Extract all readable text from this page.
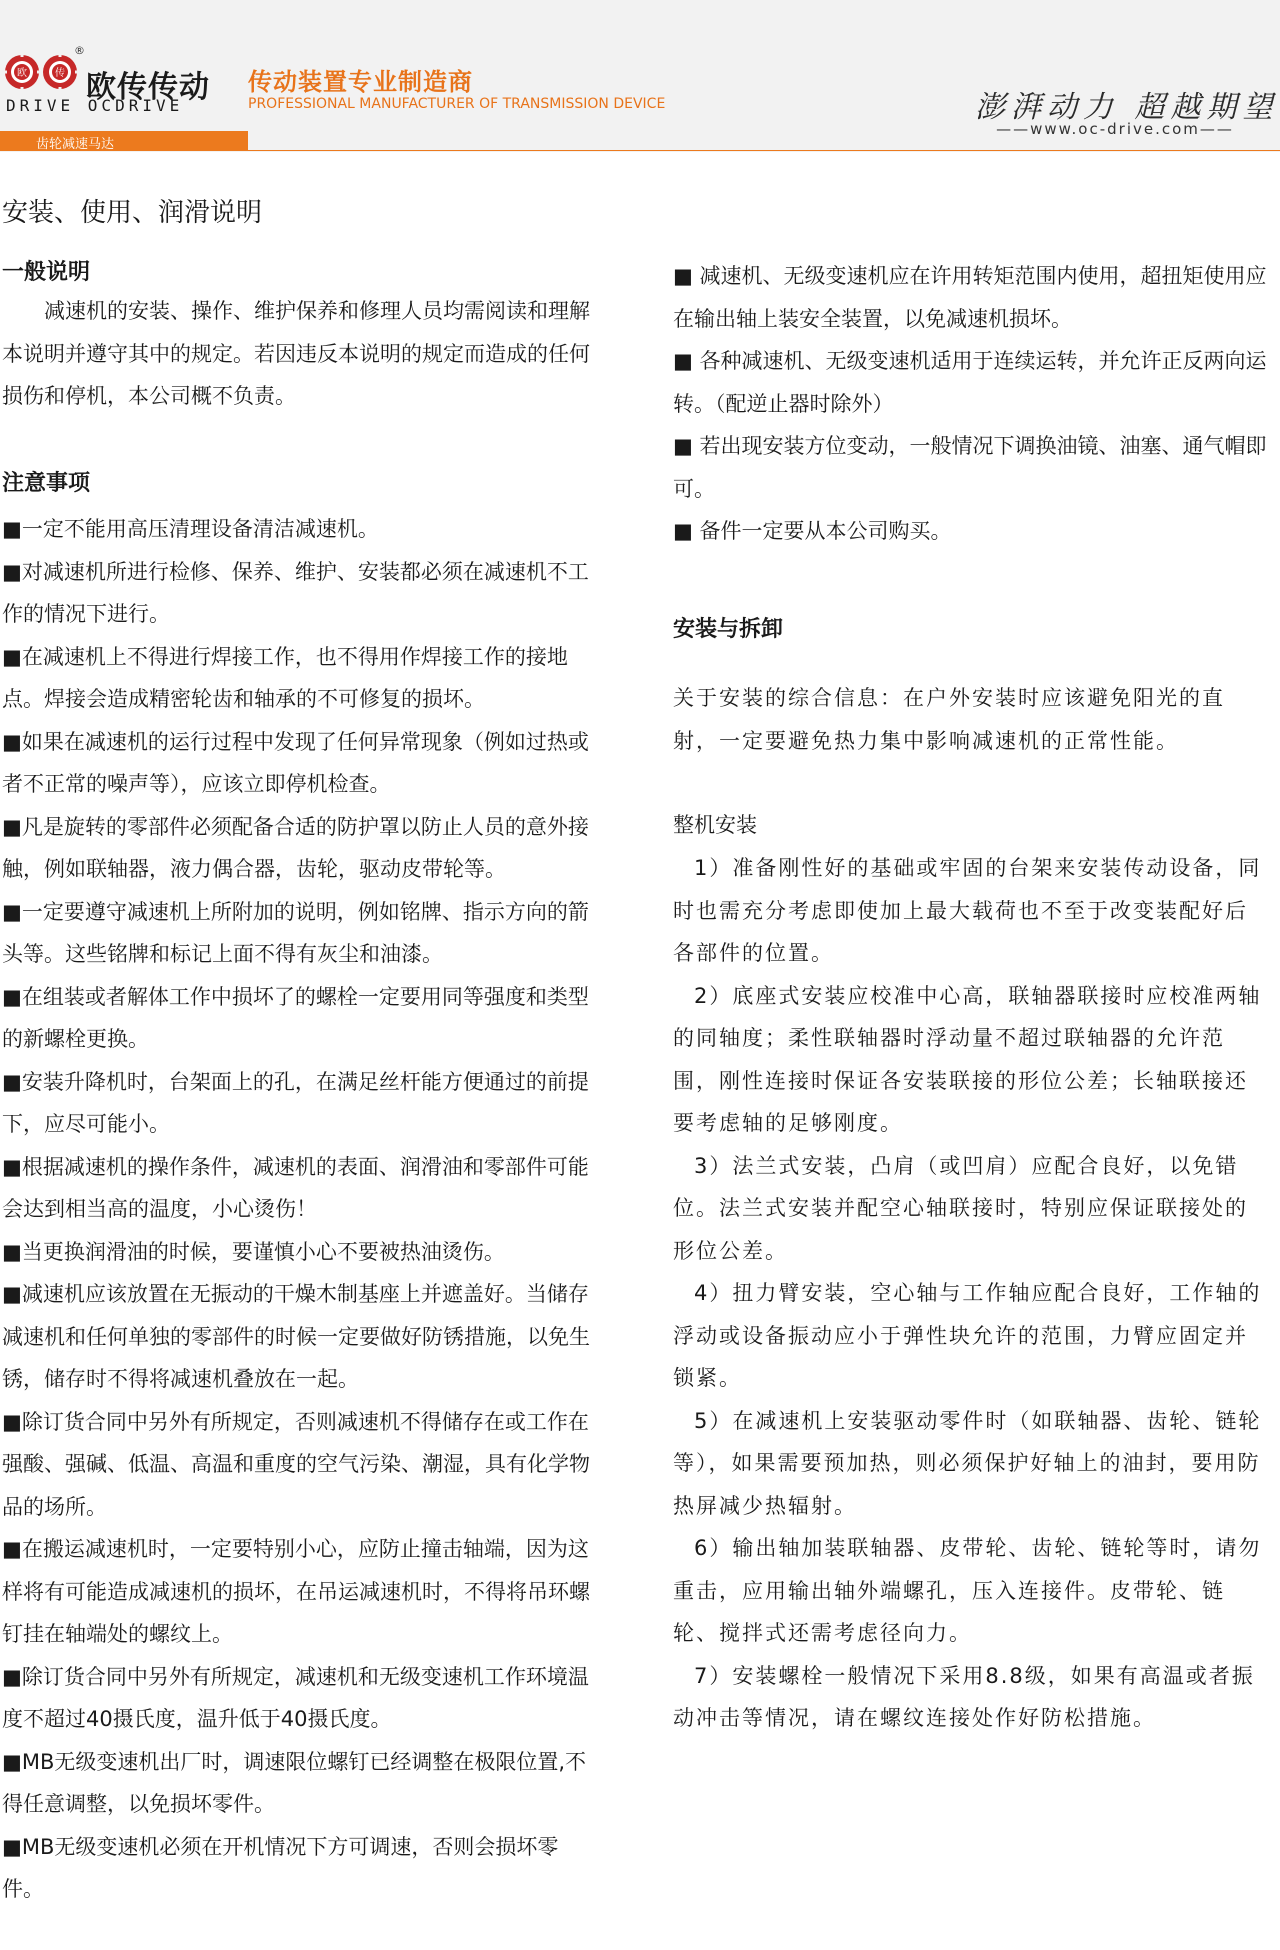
欧	传
®
欧传传动
DRIVE OCDRIVE
传动装置专业制造商
PROFESSIONAL MANUFACTURER OF TRANSMISSION DEVICE	澎湃动力 超越期望
——www.oc-drive.com——
齿轮减速马达
安装、使用、润滑说明
一般说明
减速机的安装、操作、维护保养和修理人员均需阅读和理解本说明并遵守其中的规定。若因违反本说明的规定而造成的任何损伤和停机，本公司概不负责。
注意事项
■一定不能用高压清理设备清洁减速机。
■对减速机所进行检修、保养、维护、安装都必须在减速机不工作的情况下进行。
■在减速机上不得进行焊接工作，也不得用作焊接工作的接地点。焊接会造成精密轮齿和轴承的不可修复的损坏。
■如果在减速机的运行过程中发现了任何异常现象（例如过热或者不正常的噪声等），应该立即停机检查。
■凡是旋转的零部件必须配备合适的防护罩以防止人员的意外接触，例如联轴器，液力偶合器，齿轮，驱动皮带轮等。
■一定要遵守减速机上所附加的说明，例如铭牌、指示方向的箭头等。这些铭牌和标记上面不得有灰尘和油漆。
■在组装或者解体工作中损坏了的螺栓一定要用同等强度和类型的新螺栓更换。
■安装升降机时，台架面上的孔，在满足丝杆能方便通过的前提下，应尽可能小。
■根据减速机的操作条件，减速机的表面、润滑油和零部件可能会达到相当高的温度，小心烫伤！
■当更换润滑油的时候，要谨慎小心不要被热油烫伤。
■减速机应该放置在无振动的干燥木制基座上并遮盖好。当储存减速机和任何单独的零部件的时候一定要做好防锈措施，以免生锈，储存时不得将减速机叠放在一起。
■除订货合同中另外有所规定，否则减速机不得储存在或工作在强酸、强碱、低温、高温和重度的空气污染、潮湿，具有化学物品的场所。
■在搬运减速机时，一定要特别小心，应防止撞击轴端，因为这样将有可能造成减速机的损坏，在吊运减速机时，不得将吊环螺钉挂在轴端处的螺纹上。
■除订货合同中另外有所规定，减速机和无级变速机工作环境温度不超过40摄氏度，温升低于40摄氏度。
■MB无级变速机出厂时，调速限位螺钉已经调整在极限位置,不得任意调整，以免损坏零件。
■MB无级变速机必须在开机情况下方可调速，否则会损坏零件。
■ 减速机、无级变速机应在许用转矩范围内使用，超扭矩使用应在输出轴上装安全装置，以免减速机损坏。
■ 各种减速机、无级变速机适用于连续运转，并允许正反两向运转。（配逆止器时除外）
■ 若出现安装方位变动，一般情况下调换油镜、油塞、通气帽即可。
■ 备件一定要从本公司购买。
安装与拆卸
关于安装的综合信息：在户外安装时应该避免阳光的直射，一定要避免热力集中影响减速机的正常性能。
整机安装
1）准备刚性好的基础或牢固的台架来安装传动设备，同时也需充分考虑即使加上最大载荷也不至于改变装配好后各部件的位置。
2）底座式安装应校准中心高，联轴器联接时应校准两轴的同轴度；柔性联轴器时浮动量不超过联轴器的允许范围，刚性连接时保证各安装联接的形位公差；长轴联接还要考虑轴的足够刚度。
3）法兰式安装，凸肩（或凹肩）应配合良好，以免错位。法兰式安装并配空心轴联接时，特别应保证联接处的形位公差。
4）扭力臂安装，空心轴与工作轴应配合良好，工作轴的浮动或设备振动应小于弹性块允许的范围，力臂应固定并锁紧。
5）在减速机上安装驱动零件时（如联轴器、齿轮、链轮等），如果需要预加热，则必须保护好轴上的油封，要用防热屏减少热辐射。
6）输出轴加装联轴器、皮带轮、齿轮、链轮等时，请勿重击，应用输出轴外端螺孔，压入连接件。皮带轮、链轮、搅拌式还需考虑径向力。
7）安装螺栓一般情况下采用8.8级，如果有高温或者振动冲击等情况，请在螺纹连接处作好防松措施。
